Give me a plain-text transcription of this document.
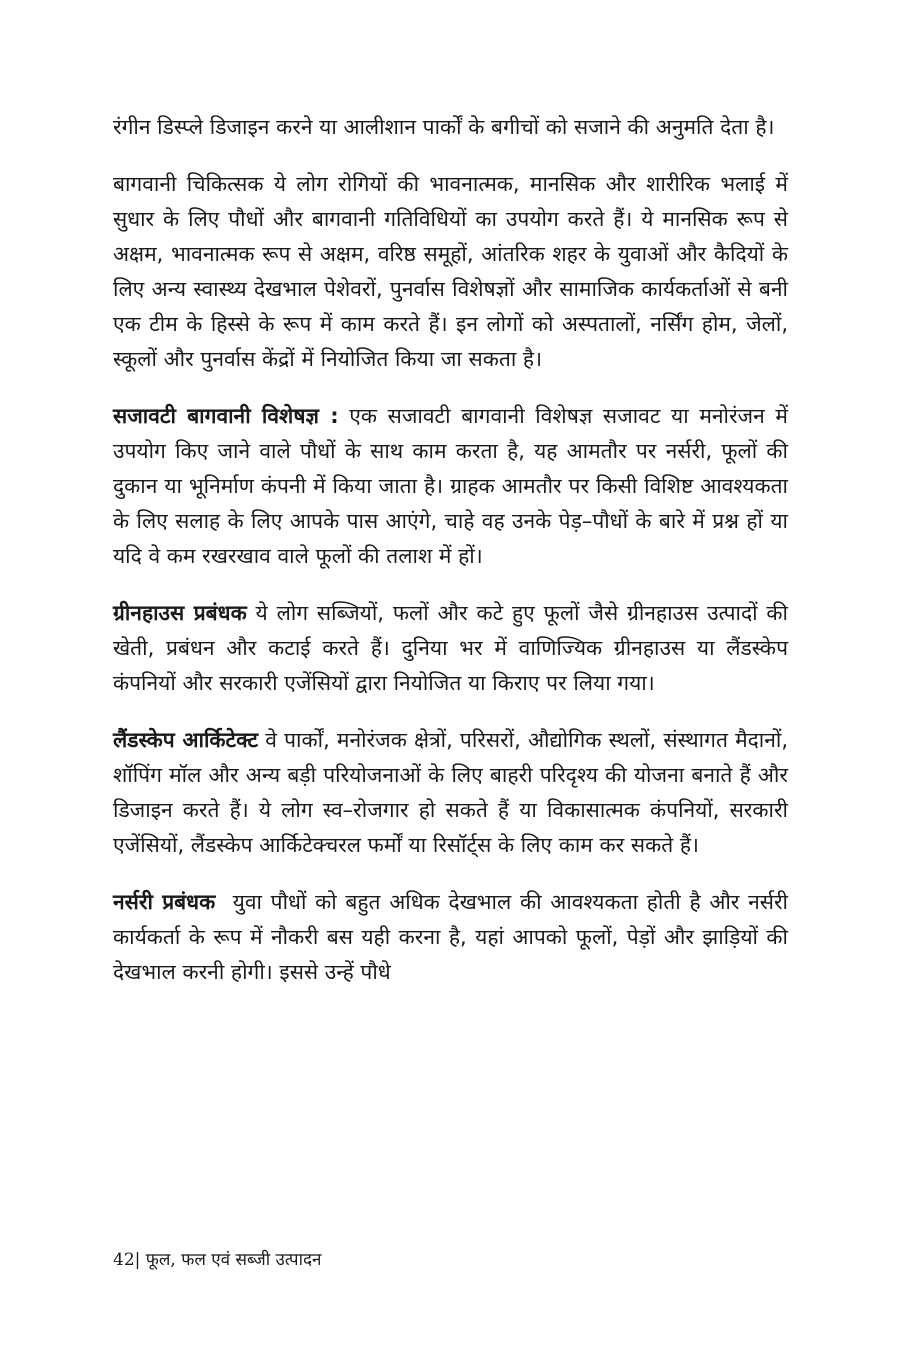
रंगीन डिस्प्ले डिजाइन करने या आलीशान पार्कों के बगीचों को सजाने की अनुमति देता है।

बागवानी चिकित्सक ये लोग रोगियों की भावनात्मक, मानसिक और शारीरिक भलाई में सुधार के लिए पौधों और बागवानी गतिविधियों का उपयोग करते हैं। ये मानसिक रूप से अक्षम, भावनात्मक रूप से अक्षम, वरिष्ठ समूहों, आंतरिक शहर के युवाओं और कैदियों के लिए अन्य स्वास्थ्य देखभाल पेशेवरों, पुनर्वास विशेषज्ञों और सामाजिक कार्यकर्ताओं से बनी एक टीम के हिस्से के रूप में काम करते हैं। इन लोगों को अस्पतालों, नर्सिंग होम, जेलों, स्कूलों और पुनर्वास केंद्रों में नियोजित किया जा सकता है।

सजावटी बागवानी विशेषज्ञ : एक सजावटी बागवानी विशेषज्ञ सजावट या मनोरंजन में उपयोग किए जाने वाले पौधों के साथ काम करता है, यह आमतौर पर नर्सरी, फूलों की दुकान या भूनिर्माण कंपनी में किया जाता है। ग्राहक आमतौर पर किसी विशिष्ट आवश्यकता के लिए सलाह के लिए आपके पास आएंगे, चाहे वह उनके पेड़–पौधों के बारे में प्रश्न हों या यदि वे कम रखरखाव वाले फूलों की तलाश में हों।

ग्रीनहाउस प्रबंधक ये लोग सब्जियों, फलों और कटे हुए फूलों जैसे ग्रीनहाउस उत्पादों की खेती, प्रबंधन और कटाई करते हैं। दुनिया भर में वाणिज्यिक ग्रीनहाउस या लैंडस्केप कंपनियों और सरकारी एजेंसियों द्वारा नियोजित या किराए पर लिया गया।

लैंडस्केप आर्किटेक्ट वे पार्कों, मनोरंजक क्षेत्रों, परिसरों, औद्योगिक स्थलों, संस्थागत मैदानों, शॉपिंग मॉल और अन्य बड़ी परियोजनाओं के लिए बाहरी परिदृश्य की योजना बनाते हैं और डिजाइन करते हैं। ये लोग स्व–रोजगार हो सकते हैं या विकासात्मक कंपनियों, सरकारी एजेंसियों, लैंडस्केप आर्किटेक्चरल फर्मों या रिसॉर्ट्स के लिए काम कर सकते हैं।

नर्सरी प्रबंधक  युवा पौधों को बहुत अधिक देखभाल की आवश्यकता होती है और नर्सरी कार्यकर्ता के रूप में नौकरी बस यही करना है, यहां आपको फूलों, पेड़ों और झाड़ियों की देखभाल करनी होगी। इससे उन्हें पौधे

42| फूल, फल एवं सब्जी उत्पादन
